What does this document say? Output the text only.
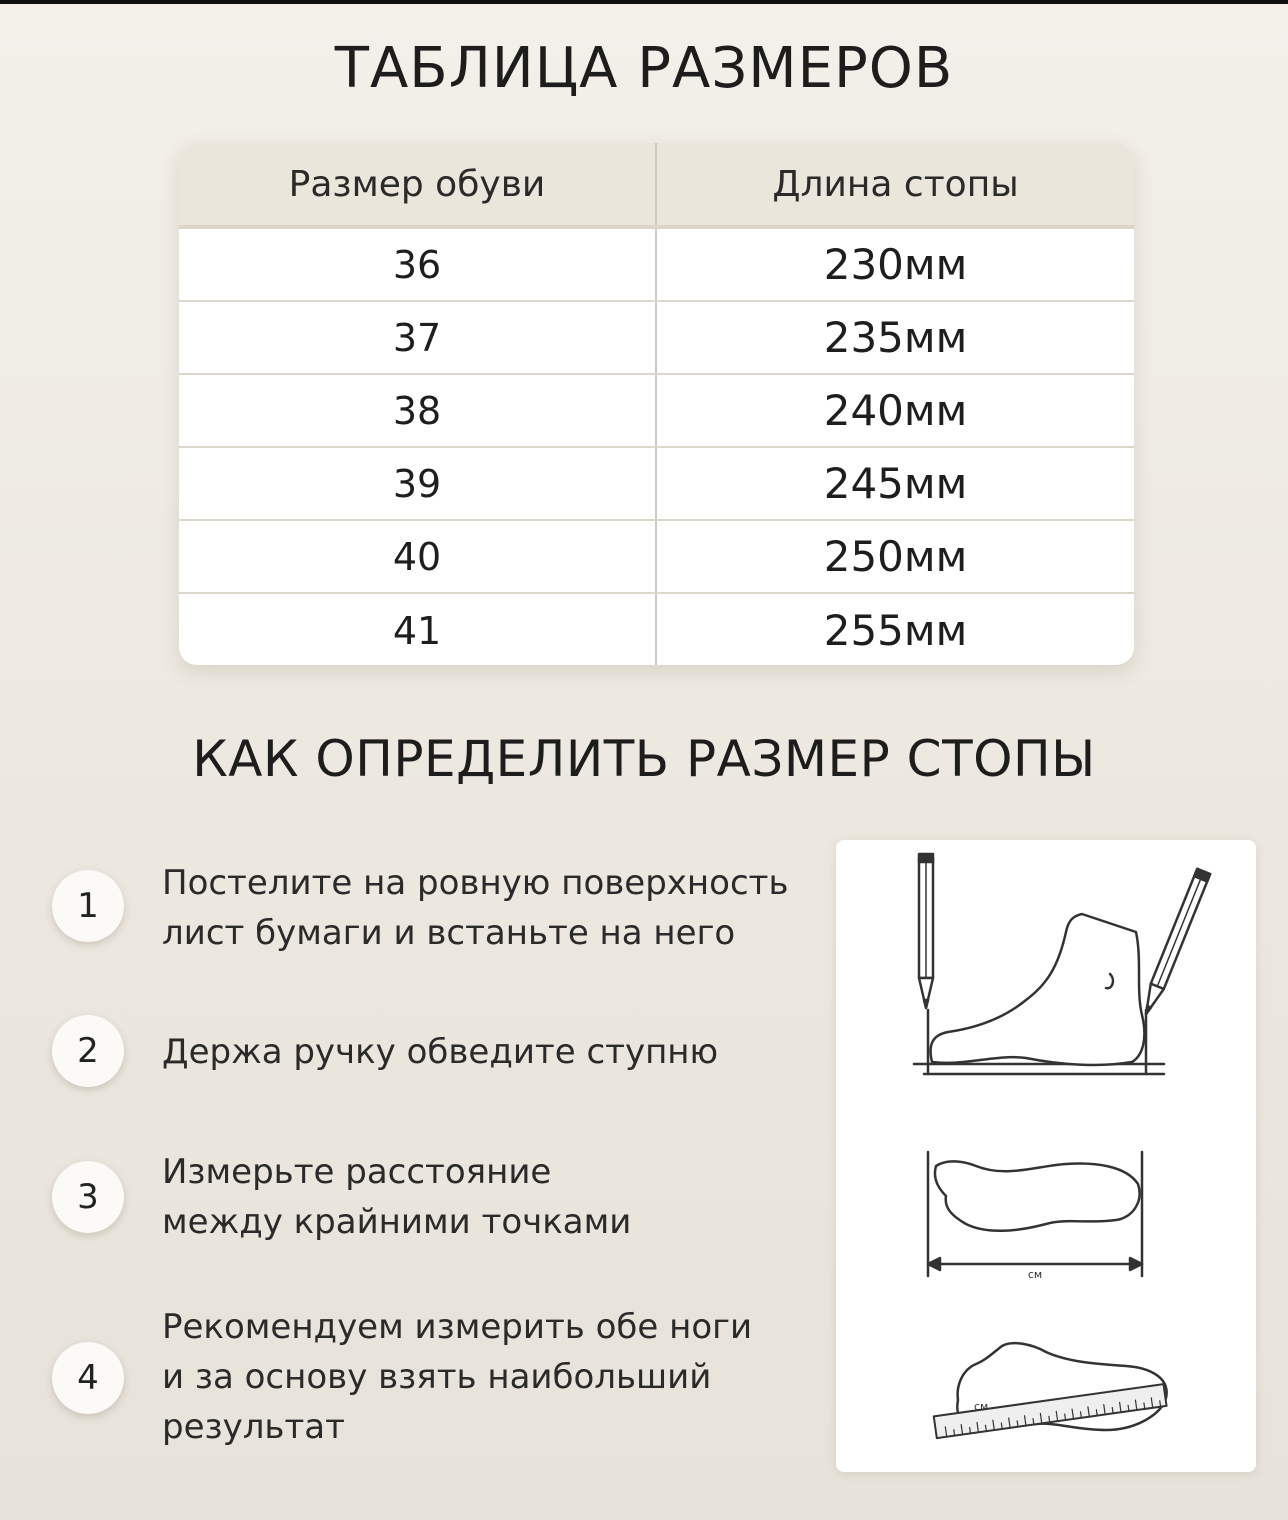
ТАБЛИЦА РАЗМЕРОВ
Размер обуви	Длина стопы
36	230мм
37	235мм
38	240мм
39	245мм
40	250мм
41	255мм
КАК ОПРЕДЕЛИТЬ РАЗМЕР СТОПЫ
1
Постелите на ровную поверхность
лист бумаги и встаньте на него
2	Держа ручку обведите ступню
3
Измерьте расстояние
между крайними точками
4
Рекомендуем измерить обе ноги
и за основу взять наибольший
результат
см
см
